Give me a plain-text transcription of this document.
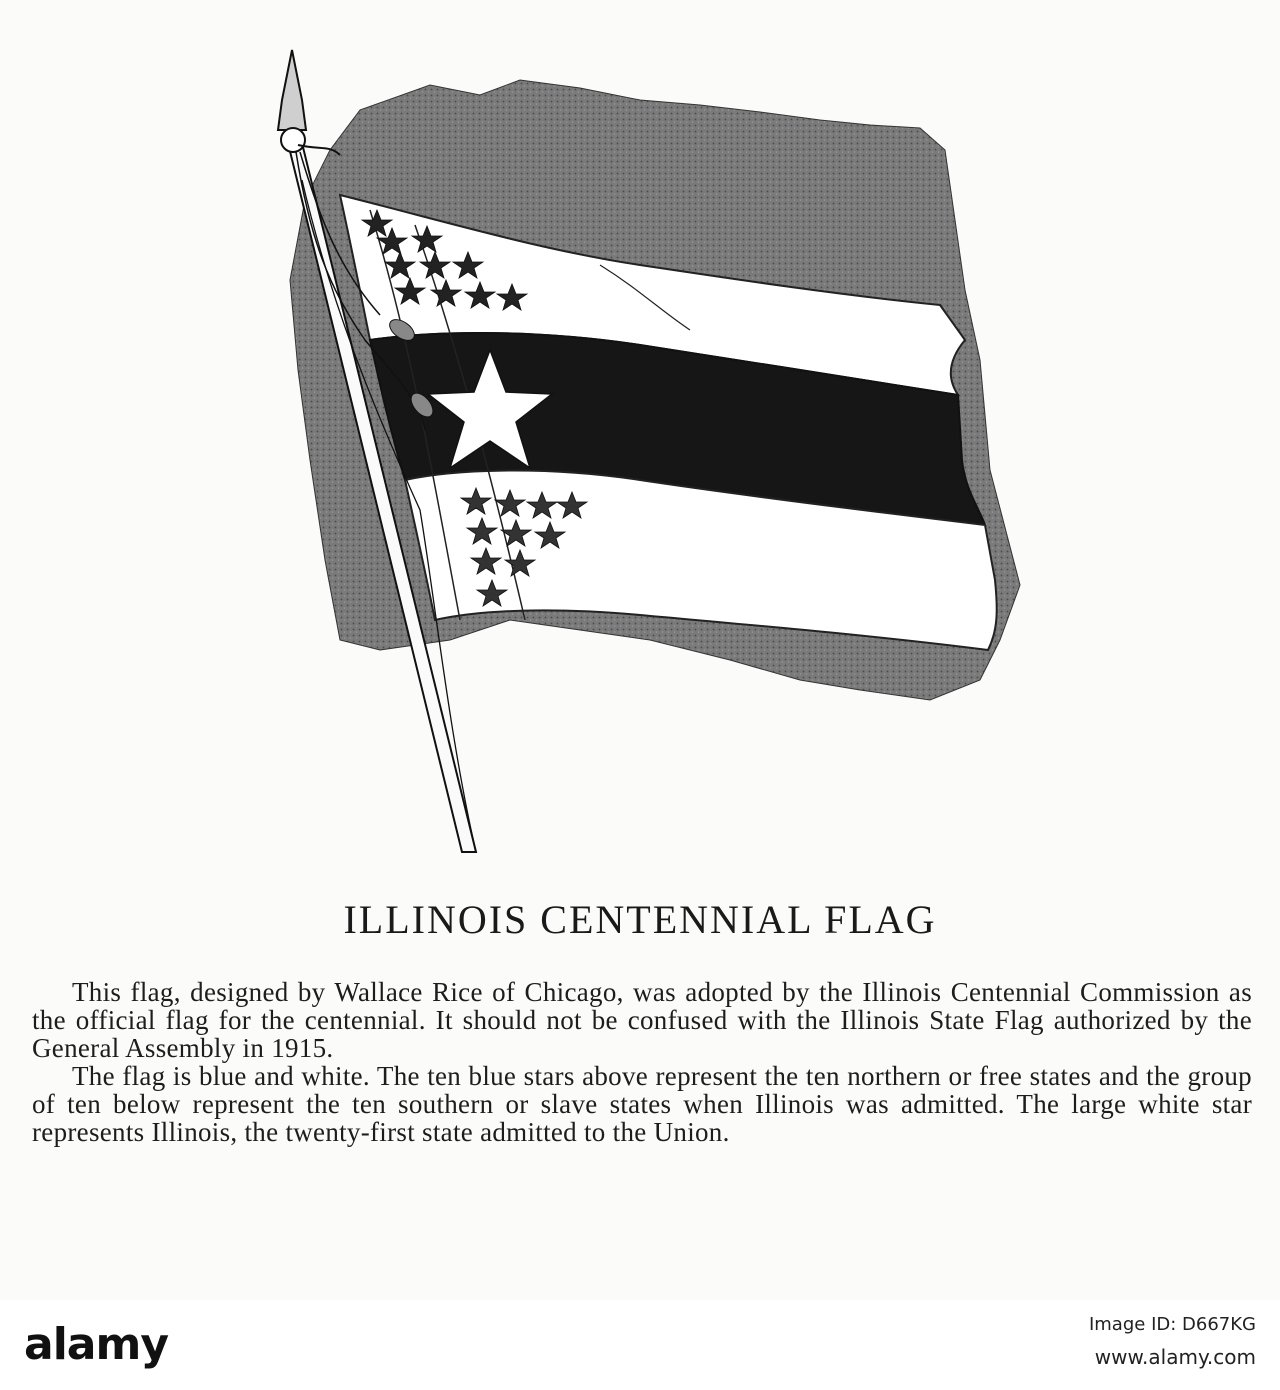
ILLINOIS CENTENNIAL FLAG

This flag, designed by Wallace Rice of Chicago, was adopted by the Illinois Centennial Commission as the official flag for the centennial. It should not be confused with the Illinois State Flag authorized by the General Assembly in 1915.

The flag is blue and white. The ten blue stars above represent the ten northern or free states and the group of ten below represent the ten southern or slave states when Illinois was admitted. The large white star represents Illinois, the twenty-first state admitted to the Union.

alamy	Image ID: D667KG
www.alamy.com
